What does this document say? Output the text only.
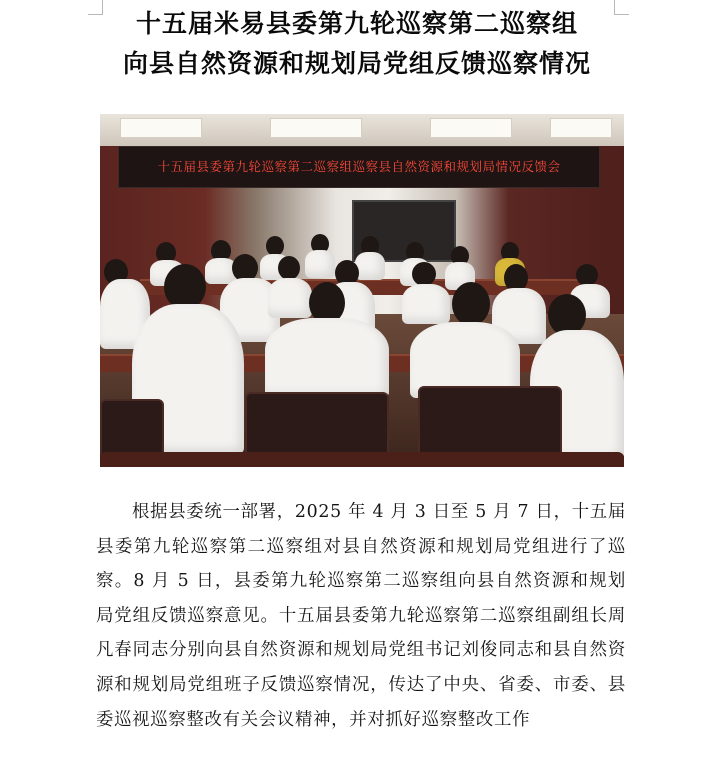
十五届米易县委第九轮巡察第二巡察组
向县自然资源和规划局党组反馈巡察情况
十五届县委第九轮巡察第二巡察组巡察县自然资源和规划局情况反馈会

根据县委统一部署，2025 年 4 月 3 日至 5 月 7 日，十五届县委第九轮巡察第二巡察组对县自然资源和规划局党组进行了巡察。8 月 5 日，县委第九轮巡察第二巡察组向县自然资源和规划局党组反馈巡察意见。十五届县委第九轮巡察第二巡察组副组长周凡春同志分别向县自然资源和规划局党组书记刘俊同志和县自然资源和规划局党组班子反馈巡察情况，传达了中央、省委、市委、县委巡视巡察整改有关会议精神，并对抓好巡察整改工作
